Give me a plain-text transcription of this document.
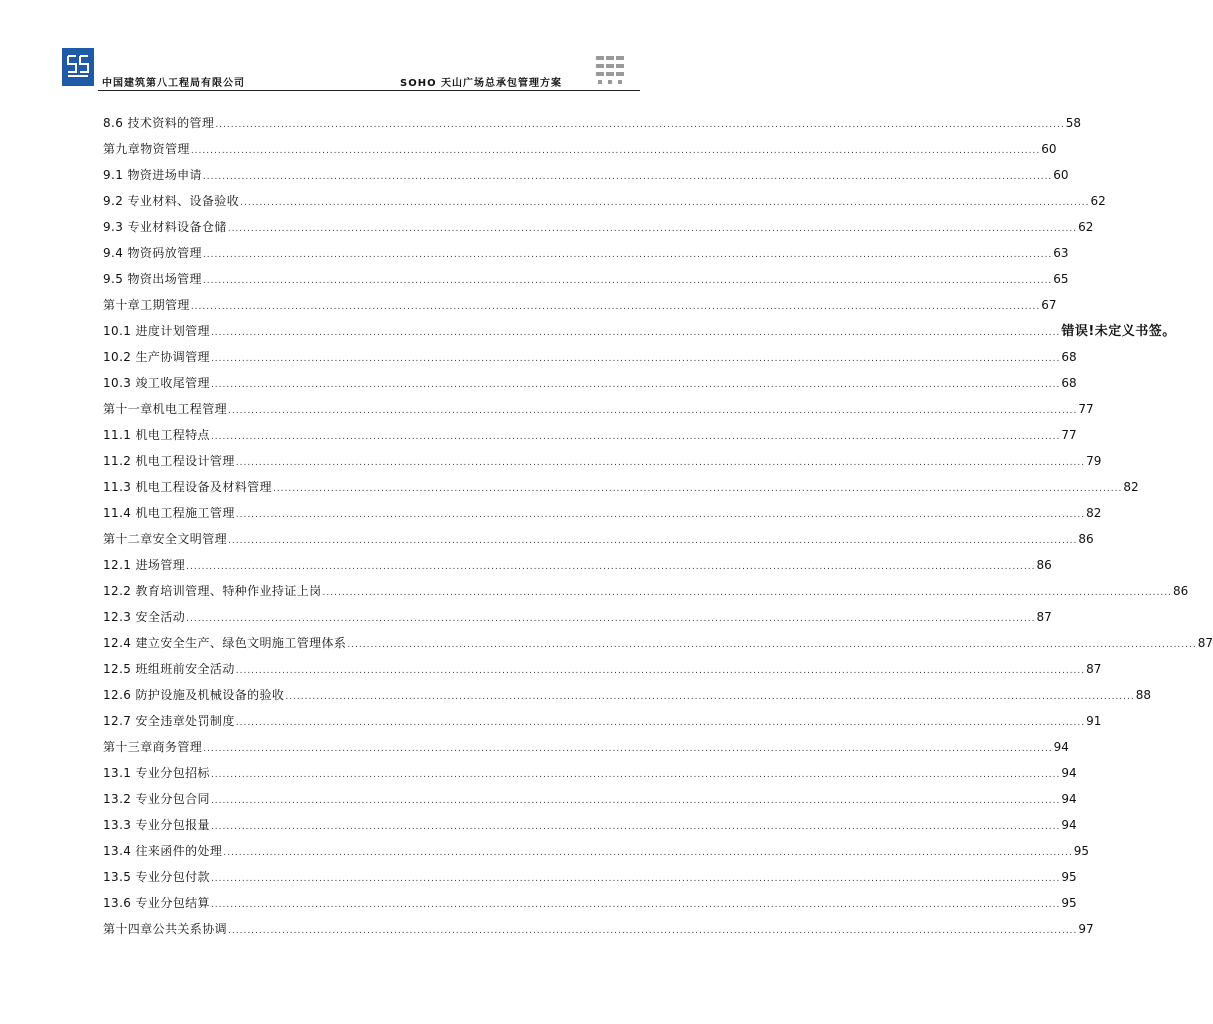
中国建筑第八工程局有限公司	SOHO 天山广场总承包管理方案
8.6 技术资料的管理 ............................................................................................................................................................................................................................ 58
第九章物资管理 ............................................................................................................................................................................................................................ 60
9.1 物资进场申请 ............................................................................................................................................................................................................................ 60
9.2 专业材料、设备验收 ............................................................................................................................................................................................................................ 62
9.3 专业材料设备仓储 ............................................................................................................................................................................................................................ 62
9.4 物资码放管理 ............................................................................................................................................................................................................................ 63
9.5 物资出场管理 ............................................................................................................................................................................................................................ 65
第十章工期管理 ............................................................................................................................................................................................................................ 67
10.1 进度计划管理 ............................................................................................................................................................................................................................ 错误!未定义书签。
10.2 生产协调管理 ............................................................................................................................................................................................................................ 68
10.3 竣工收尾管理 ............................................................................................................................................................................................................................ 68
第十一章机电工程管理 ............................................................................................................................................................................................................................ 77
11.1 机电工程特点 ............................................................................................................................................................................................................................ 77
11.2 机电工程设计管理 ............................................................................................................................................................................................................................ 79
11.3 机电工程设备及材料管理 ............................................................................................................................................................................................................................ 82
11.4 机电工程施工管理 ............................................................................................................................................................................................................................ 82
第十二章安全文明管理 ............................................................................................................................................................................................................................ 86
12.1 进场管理 ............................................................................................................................................................................................................................ 86
12.2 教育培训管理、特种作业持证上岗 ............................................................................................................................................................................................................................ 86
12.3 安全活动 ............................................................................................................................................................................................................................ 87
12.4 建立安全生产、绿色文明施工管理体系 ............................................................................................................................................................................................................................ 87
12.5 班组班前安全活动 ............................................................................................................................................................................................................................ 87
12.6 防护设施及机械设备的验收 ............................................................................................................................................................................................................................ 88
12.7 安全违章处罚制度 ............................................................................................................................................................................................................................ 91
第十三章商务管理 ............................................................................................................................................................................................................................ 94
13.1 专业分包招标 ............................................................................................................................................................................................................................ 94
13.2 专业分包合同 ............................................................................................................................................................................................................................ 94
13.3 专业分包报量 ............................................................................................................................................................................................................................ 94
13.4 往来函件的处理 ............................................................................................................................................................................................................................ 95
13.5 专业分包付款 ............................................................................................................................................................................................................................ 95
13.6 专业分包结算 ............................................................................................................................................................................................................................ 95
第十四章公共关系协调 ............................................................................................................................................................................................................................ 97
